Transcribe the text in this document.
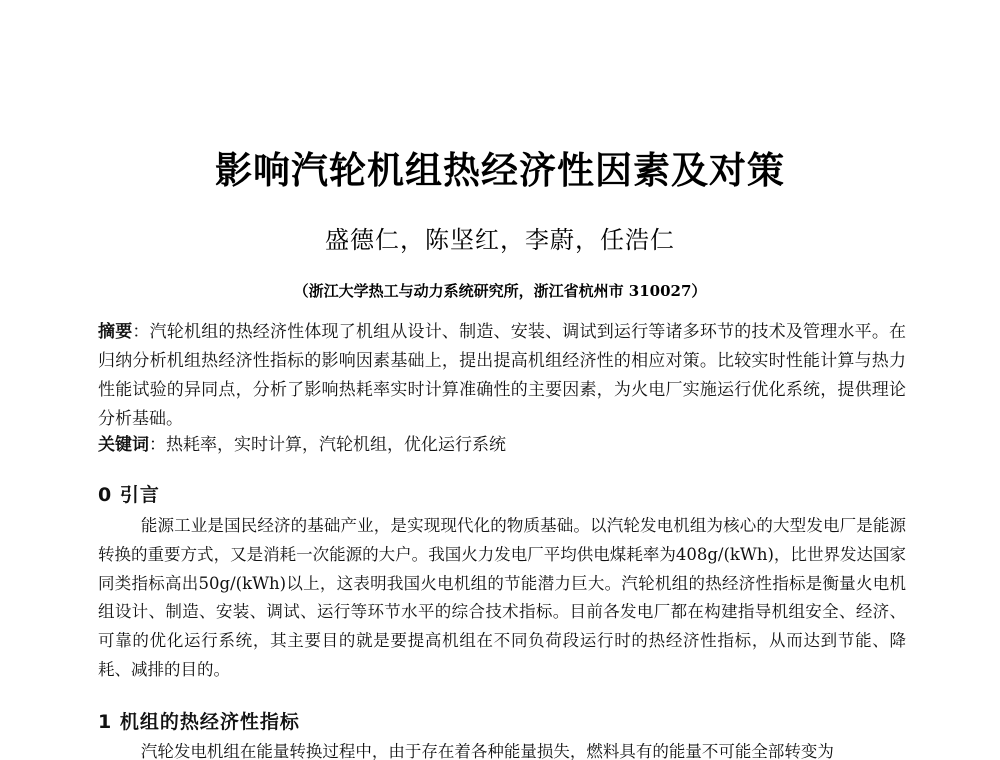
影响汽轮机组热经济性因素及对策
盛德仁，陈坚红，李蔚，任浩仁
（浙江大学热工与动力系统研究所，浙江省杭州市 310027）
摘要：汽轮机组的热经济性体现了机组从设计、制造、安装、调试到运行等诸多环节的技术及管理水平。在归纳分析机组热经济性指标的影响因素基础上，提出提高机组经济性的相应对策。比较实时性能计算与热力性能试验的异同点，分析了影响热耗率实时计算准确性的主要因素，为火电厂实施运行优化系统，提供理论分析基础。
关键词：热耗率，实时计算，汽轮机组，优化运行系统
0 引言
能源工业是国民经济的基础产业，是实现现代化的物质基础。以汽轮发电机组为核心的大型发电厂是能源转换的重要方式，又是消耗一次能源的大户。我国火力发电厂平均供电煤耗率为408g/(kWh)，比世界发达国家同类指标高出50g/(kWh)以上，这表明我国火电机组的节能潜力巨大。汽轮机组的热经济性指标是衡量火电机组设计、制造、安装、调试、运行等环节水平的综合技术指标。目前各发电厂都在构建指导机组安全、经济、可靠的优化运行系统，其主要目的就是要提高机组在不同负荷段运行时的热经济性指标，从而达到节能、降耗、减排的目的。
1 机组的热经济性指标
汽轮发电机组在能量转换过程中，由于存在着各种能量损失，燃料具有的能量不可能全部转变为
